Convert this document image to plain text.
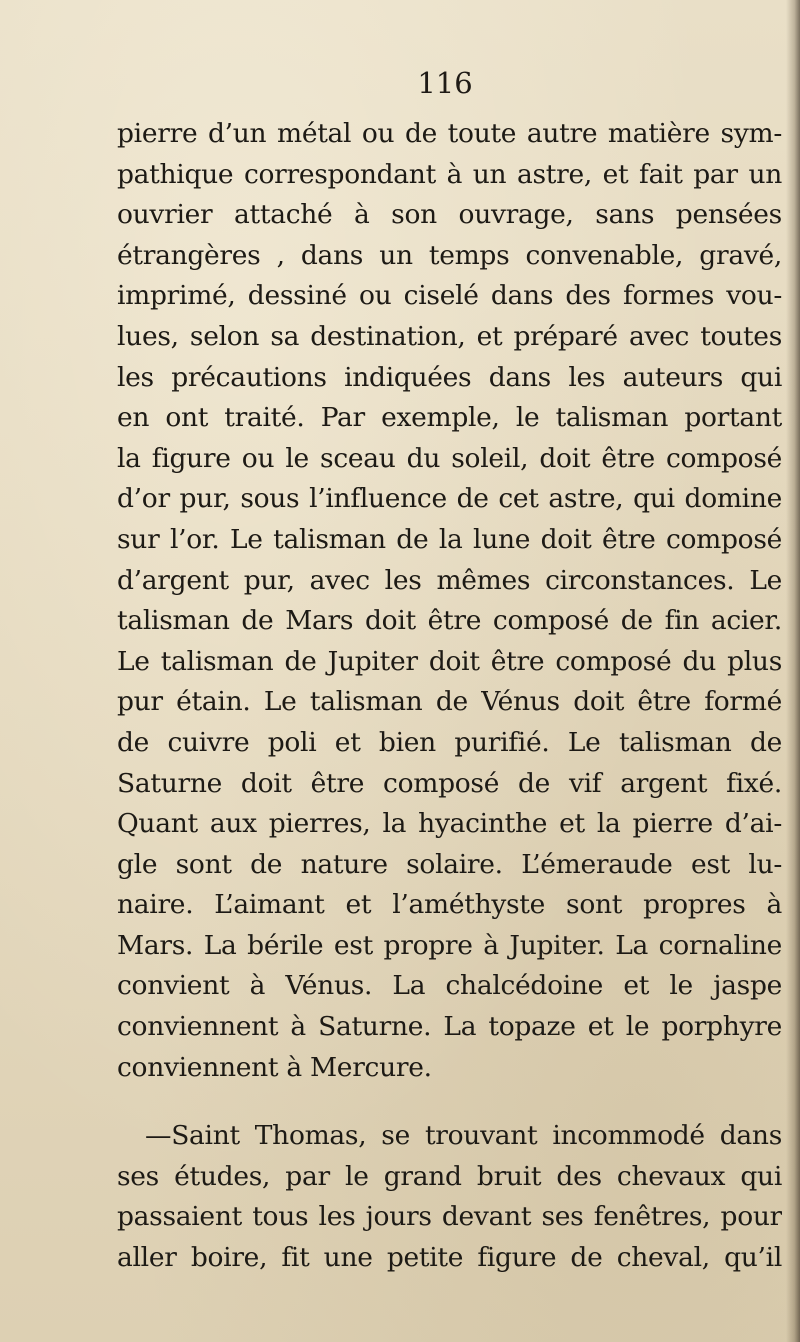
116
pierre d’un métal ou de toute autre matière sym-
pathique correspondant à un astre, et fait par un
ouvrier attaché à son ouvrage, sans pensées
étrangères , dans un temps convenable, gravé,
imprimé, dessiné ou ciselé dans des formes vou-
lues, selon sa destination, et préparé avec toutes
les précautions indiquées dans les auteurs qui
en ont traité. Par exemple, le talisman portant
la figure ou le sceau du soleil, doit être composé
d’or pur, sous l’influence de cet astre, qui domine
sur l’or. Le talisman de la lune doit être composé
d’argent pur, avec les mêmes circonstances. Le
talisman de Mars doit être composé de fin acier.
Le talisman de Jupiter doit être composé du plus
pur étain. Le talisman de Vénus doit être formé
de cuivre poli et bien purifié. Le talisman de
Saturne doit être composé de vif argent fixé.
Quant aux pierres, la hyacinthe et la pierre d’ai-
gle sont de nature solaire. L’émeraude est lu-
naire. L’aimant et l’améthyste sont propres à
Mars. La bérile est propre à Jupiter. La cornaline
convient à Vénus. La chalcédoine et le jaspe
conviennent à Saturne. La topaze et le porphyre
conviennent à Mercure.
—Saint Thomas, se trouvant incommodé dans
ses études, par le grand bruit des chevaux qui
passaient tous les jours devant ses fenêtres, pour
aller boire, fit une petite figure de cheval, qu’il
